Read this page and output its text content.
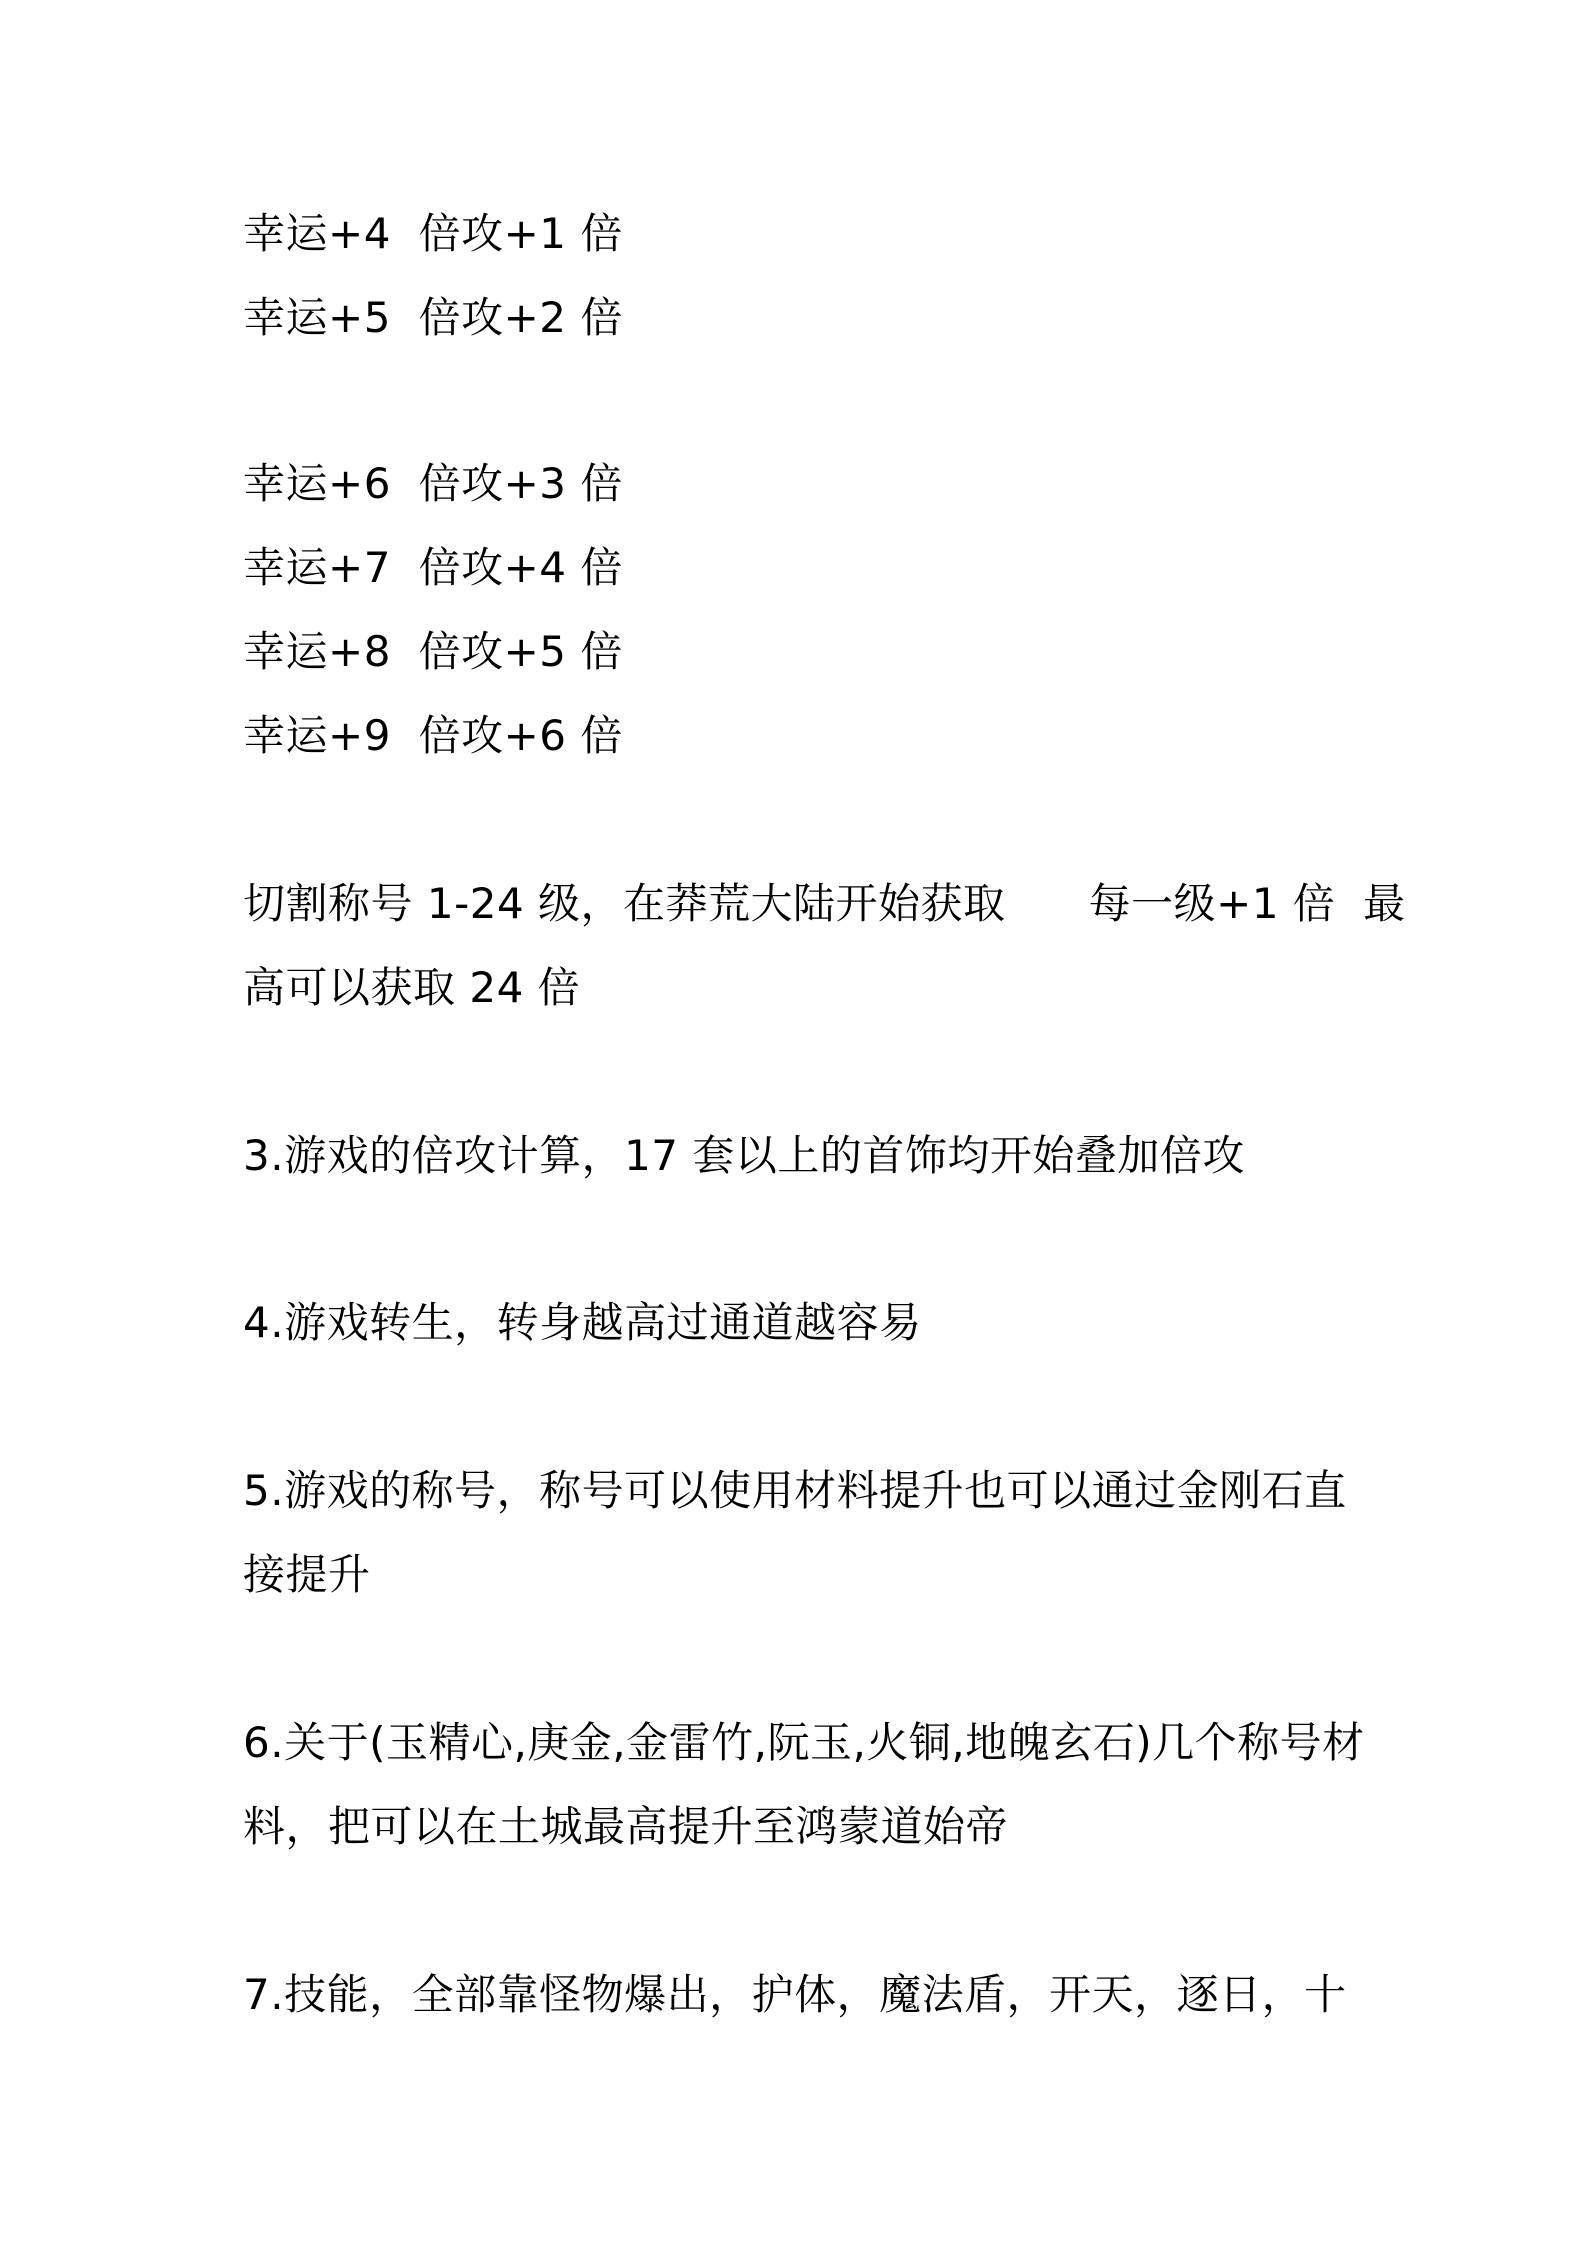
幸运+4  倍攻+1 倍
幸运+5  倍攻+2 倍
幸运+6  倍攻+3 倍
幸运+7  倍攻+4 倍
幸运+8  倍攻+5 倍
幸运+9  倍攻+6 倍
切割称号 1-24 级，在莽荒大陆开始获取      每一级+1 倍  最
高可以获取 24 倍
3.游戏的倍攻计算，17 套以上的首饰均开始叠加倍攻
4.游戏转生，转身越高过通道越容易
5.游戏的称号，称号可以使用材料提升也可以通过金刚石直
接提升
6.关于(玉精心,庚金,金雷竹,阮玉,火铜,地魄玄石)几个称号材
料，把可以在土城最高提升至鸿蒙道始帝
7.技能，全部靠怪物爆出，护体，魔法盾，开天，逐日，十
